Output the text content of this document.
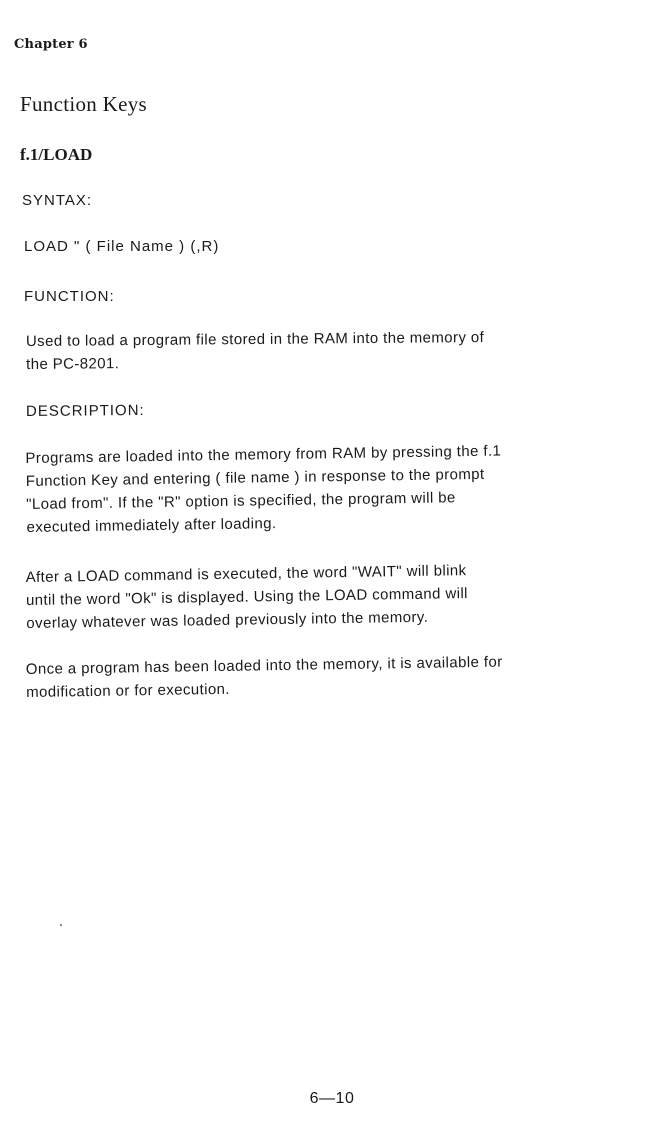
Chapter 6
Function Keys
f.1/LOAD
SYNTAX:
LOAD " ( File Name ) (,R)
FUNCTION:
Used to load a program file stored in the RAM into the memory of
the PC-8201.
DESCRIPTION:
Programs are loaded into the memory from RAM by pressing the f.1
Function Key and entering ( file name ) in response to the prompt
"Load from". If the "R" option is specified, the program will be
executed immediately after loading.
After a LOAD command is executed, the word "WAIT" will blink
until the word "Ok" is displayed. Using the LOAD command will
overlay whatever was loaded previously into the memory.
Once a program has been loaded into the memory, it is available for
modification or for execution.
6—10
